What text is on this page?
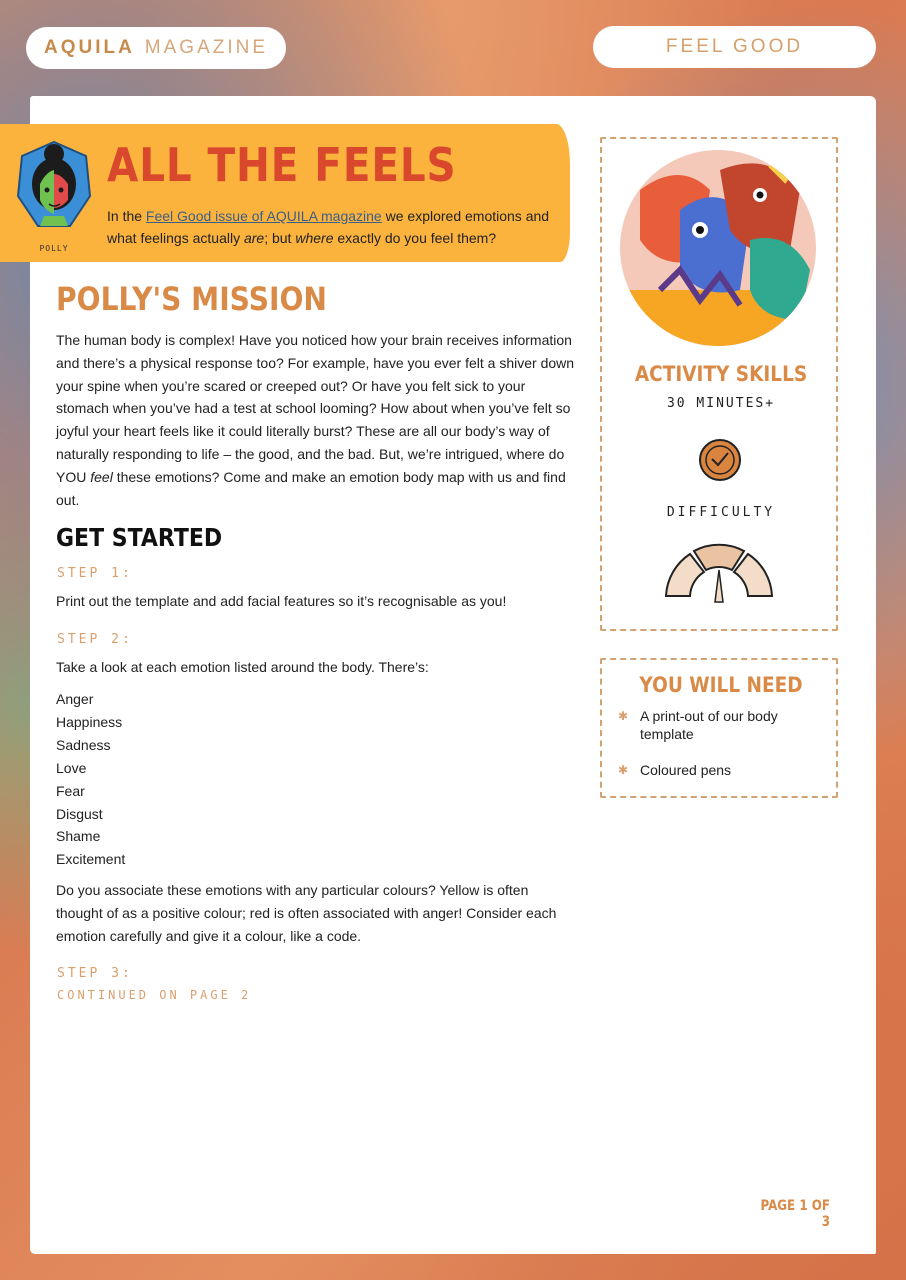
AQUILA MAGAZINE	FEEL GOOD
POLLY
ALL THE FEELS
In the Feel Good issue of AQUILA magazine we explored emotions and what feelings actually are; but where exactly do you feel them?
POLLY'S MISSION

The human body is complex! Have you noticed how your brain receives information and there’s a physical response too? For example, have you ever felt a shiver down your spine when you’re scared or creeped out? Or have you felt sick to your stomach when you’ve had a test at school looming? How about when you’ve felt so joyful your heart feels like it could literally burst? These are all our body’s way of naturally responding to life – the good, and the bad. But, we’re intrigued, where do YOU feel these emotions? Come and make an emotion body map with us and find out.

GET STARTED
STEP 1:

Print out the template and add facial features so it’s recognisable as you!

STEP 2:

Take a look at each emotion listed around the body. There’s:

Anger
Happiness
Sadness
Love
Fear
Disgust
Shame
Excitement

Do you associate these emotions with any particular colours? Yellow is often thought of as a positive colour; red is often associated with anger! Consider each emotion carefully and give it a colour, like a code.

STEP 3:
CONTINUED ON PAGE 2
ACTIVITY SKILLS
30 MINUTES+
DIFFICULTY
YOU WILL NEED
✱ A print-out of our body template
✱ Coloured pens
PAGE 1 OF 3
